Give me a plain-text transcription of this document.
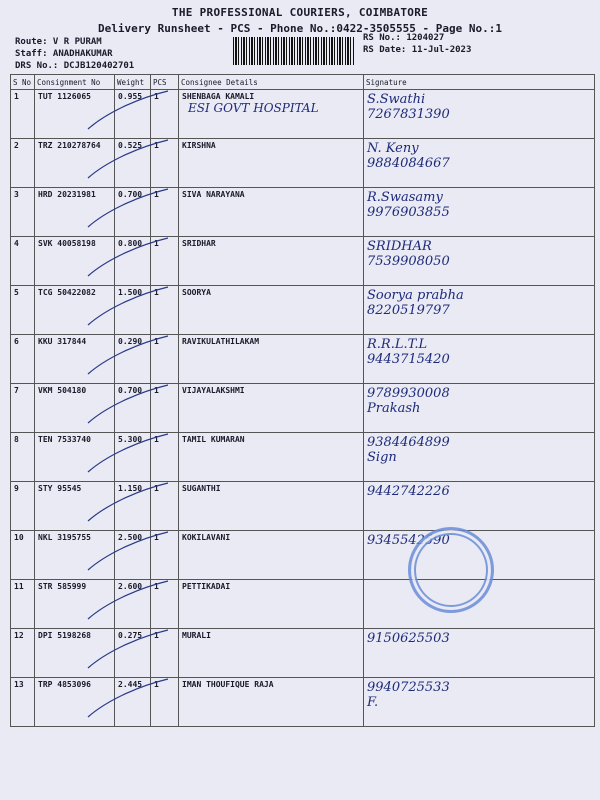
THE PROFESSIONAL COURIERS, COIMBATORE
Delivery Runsheet - PCS - Phone No.:0422-3505555 - Page No.:1
Route: V R PURAM
Staff: ANADHAKUMAR
DRS No.: DCJB120402701
RS No.: 1204027
RS Date: 11-Jul-2023
S No	Consignment No	Weight	PCS	Consignee Details	Signature
1	TUT 1126065	0.955	1	SHENBAGA KAMALI
ESI GOVT HOSPITAL	S.Swathi
7267831390

2	TRZ 210278764	0.525	1	KIRSHNA	N. Keny
9884084667

3	HRD 20231981	0.700	1	SIVA NARAYANA	R.Swasamy
9976903855

4	SVK 40058198	0.800	1	SRIDHAR	SRIDHAR
7539908050

5	TCG 50422082	1.500	1	SOORYA	Soorya prabha
8220519797

6	KKU 317844	0.290	1	RAVIKULATHILAKAM	R.R.L.T.L
9443715420

7	VKM 504180	0.700	1	VIJAYALAKSHMI	9789930008
Prakash

8	TEN 7533740	5.300	1	TAMIL KUMARAN	9384464899
Sign

9	STY 95545	1.150	1	SUGANTHI	9442742226

10	NKL 3195755	2.500	1	KOKILAVANI	9345542590

11	STR 585999	2.600	1	PETTIKADAI	

12	DPI 5198268	0.275	1	MURALI	9150625503

13	TRP 4853096	2.445	1	IMAN THOUFIQUE RAJA	9940725533
F.
